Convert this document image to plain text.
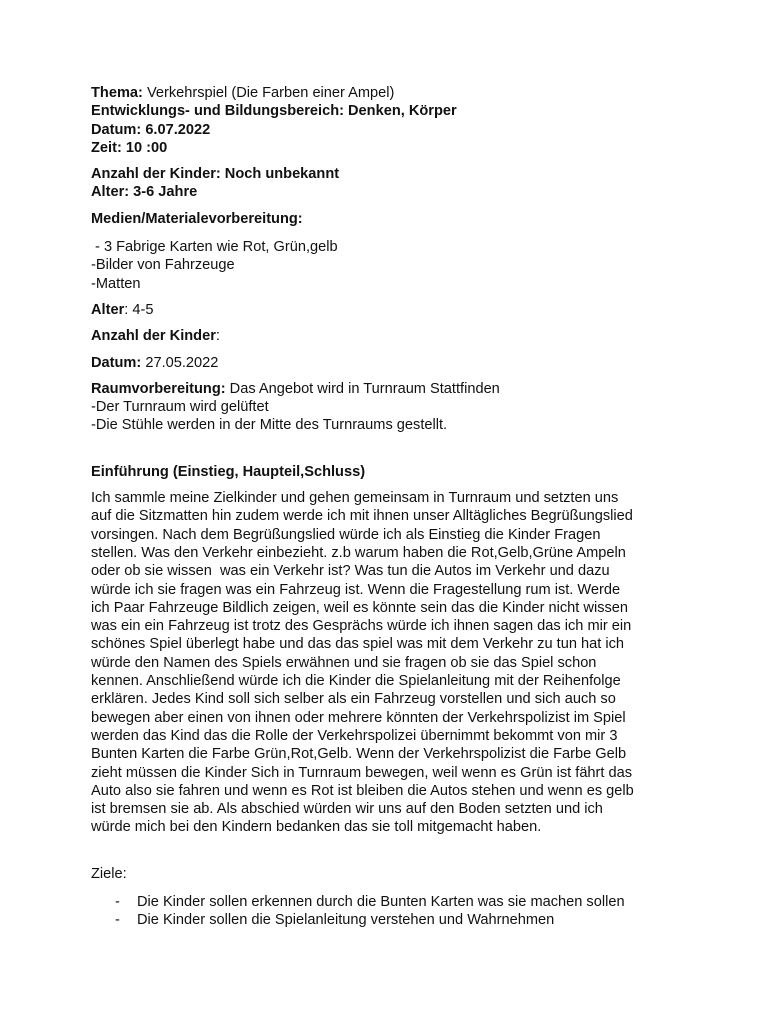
Thema: Verkehrspiel (Die Farben einer Ampel)

Entwicklungs- und Bildungsbereich: Denken, Körper

Datum: 6.07.2022

Zeit: 10 :00

Anzahl der Kinder: Noch unbekannt

Alter: 3-6 Jahre

Medien/Materialevorbereitung:

- 3 Fabrige Karten wie Rot, Grün,gelb

-Bilder von Fahrzeuge

-Matten

Alter: 4-5

Anzahl der Kinder:

Datum: 27.05.2022

Raumvorbereitung: Das Angebot wird in Turnraum Stattfinden

-Der Turnraum wird gelüftet

-Die Stühle werden in der Mitte des Turnraums gestellt.

Einführung (Einstieg, Haupteil,Schluss)

Ich sammle meine Zielkinder und gehen gemeinsam in Turnraum und setzten uns

auf die Sitzmatten hin zudem werde ich mit ihnen unser Alltägliches Begrüßungslied

vorsingen. Nach dem Begrüßungslied würde ich als Einstieg die Kinder Fragen

stellen. Was den Verkehr einbezieht. z.b warum haben die Rot,Gelb,Grüne Ampeln

oder ob sie wissen  was ein Verkehr ist? Was tun die Autos im Verkehr und dazu

würde ich sie fragen was ein Fahrzeug ist. Wenn die Fragestellung rum ist. Werde

ich Paar Fahrzeuge Bildlich zeigen, weil es könnte sein das die Kinder nicht wissen

was ein ein Fahrzeug ist trotz des Gesprächs würde ich ihnen sagen das ich mir ein

schönes Spiel überlegt habe und das das spiel was mit dem Verkehr zu tun hat ich

würde den Namen des Spiels erwähnen und sie fragen ob sie das Spiel schon

kennen. Anschließend würde ich die Kinder die Spielanleitung mit der Reihenfolge

erklären. Jedes Kind soll sich selber als ein Fahrzeug vorstellen und sich auch so

bewegen aber einen von ihnen oder mehrere könnten der Verkehrspolizist im Spiel

werden das Kind das die Rolle der Verkehrspolizei übernimmt bekommt von mir 3

Bunten Karten die Farbe Grün,Rot,Gelb. Wenn der Verkehrspolizist die Farbe Gelb

zieht müssen die Kinder Sich in Turnraum bewegen, weil wenn es Grün ist fährt das

Auto also sie fahren und wenn es Rot ist bleiben die Autos stehen und wenn es gelb

ist bremsen sie ab. Als abschied würden wir uns auf den Boden setzten und ich

würde mich bei den Kindern bedanken das sie toll mitgemacht haben.

Ziele:

- Die Kinder sollen erkennen durch die Bunten Karten was sie machen sollen
- Die Kinder sollen die Spielanleitung verstehen und Wahrnehmen
